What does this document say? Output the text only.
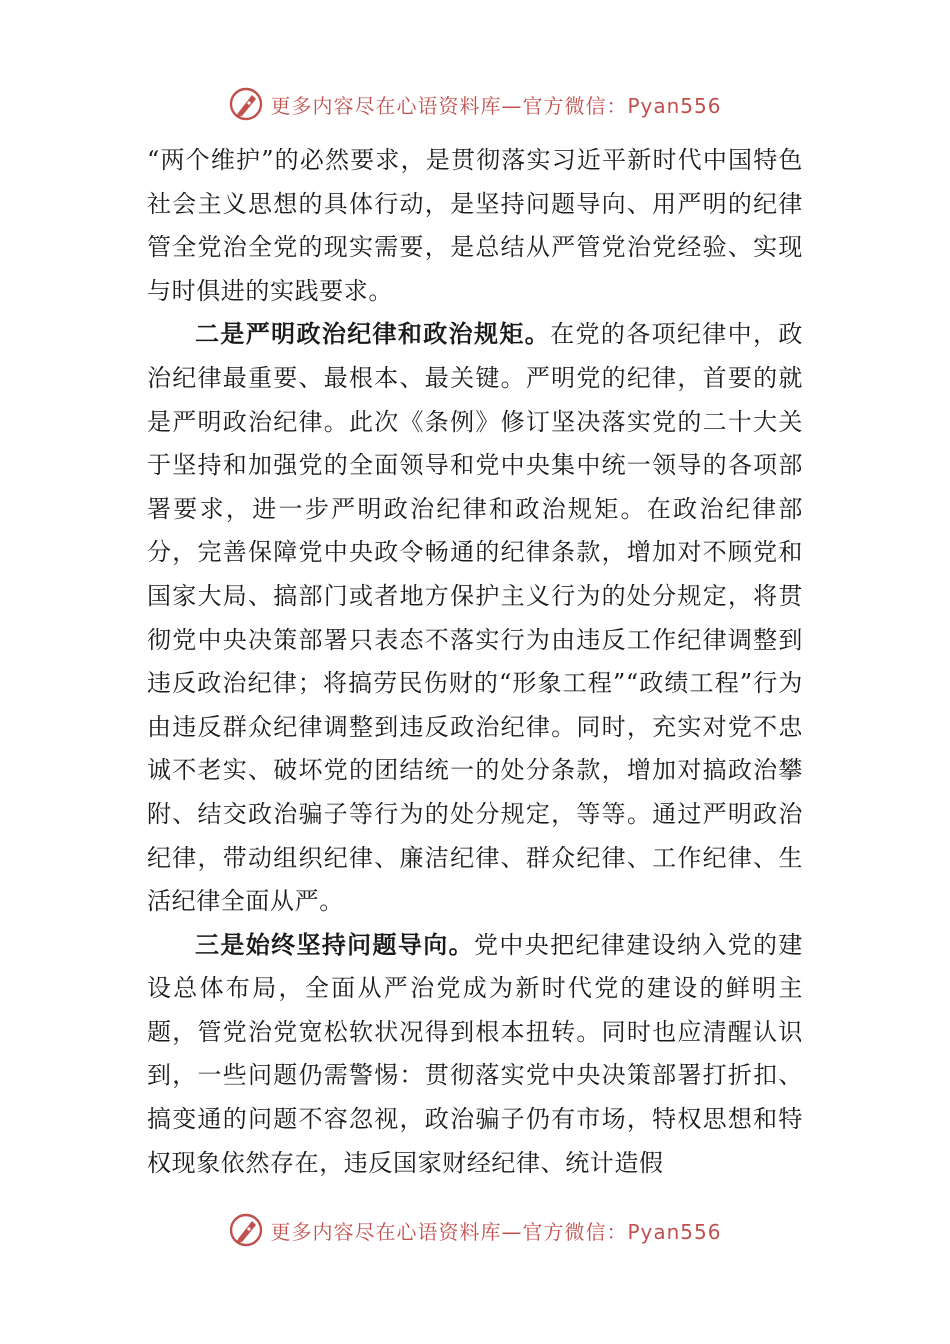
更多内容尽在心语资料库—官方微信：Pyan556

“两个维护”的必然要求，是贯彻落实习近平新时代中国特色社会主义思想的具体行动，是坚持问题导向、用严明的纪律管全党治全党的现实需要，是总结从严管党治党经验、实现与时俱进的实践要求。

二是严明政治纪律和政治规矩。在党的各项纪律中，政治纪律最重要、最根本、最关键。严明党的纪律，首要的就是严明政治纪律。此次《条例》修订坚决落实党的二十大关于坚持和加强党的全面领导和党中央集中统一领导的各项部署要求，进一步严明政治纪律和政治规矩。在政治纪律部分，完善保障党中央政令畅通的纪律条款，增加对不顾党和国家大局、搞部门或者地方保护主义行为的处分规定，将贯彻党中央决策部署只表态不落实行为由违反工作纪律调整到违反政治纪律；将搞劳民伤财的“形象工程”“政绩工程”行为由违反群众纪律调整到违反政治纪律。同时，充实对党不忠诚不老实、破坏党的团结统一的处分条款，增加对搞政治攀附、结交政治骗子等行为的处分规定，等等。通过严明政治纪律，带动组织纪律、廉洁纪律、群众纪律、工作纪律、生活纪律全面从严。

三是始终坚持问题导向。党中央把纪律建设纳入党的建设总体布局，全面从严治党成为新时代党的建设的鲜明主题，管党治党宽松软状况得到根本扭转。同时也应清醒认识到，一些问题仍需警惕：贯彻落实党中央决策部署打折扣、搞变通的问题不容忽视，政治骗子仍有市场，特权思想和特权现象依然存在，违反国家财经纪律、统计造假

更多内容尽在心语资料库—官方微信：Pyan556
